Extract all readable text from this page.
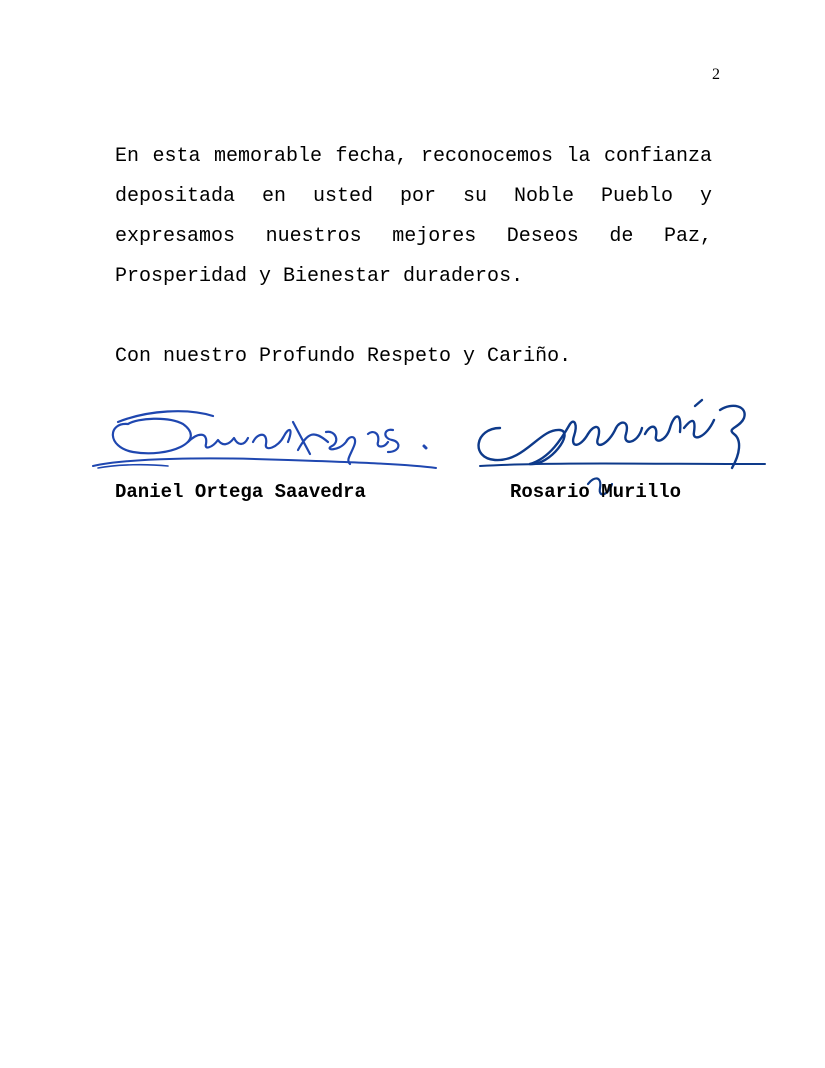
2

En esta memorable fecha, reconocemos la confianza depositada en usted por su Noble Pueblo y expresamos nuestros mejores Deseos de Paz, Prosperidad y Bienestar duraderos.

Con nuestro Profundo Respeto y Cariño.

Daniel Ortega Saavedra	Rosario Murillo
